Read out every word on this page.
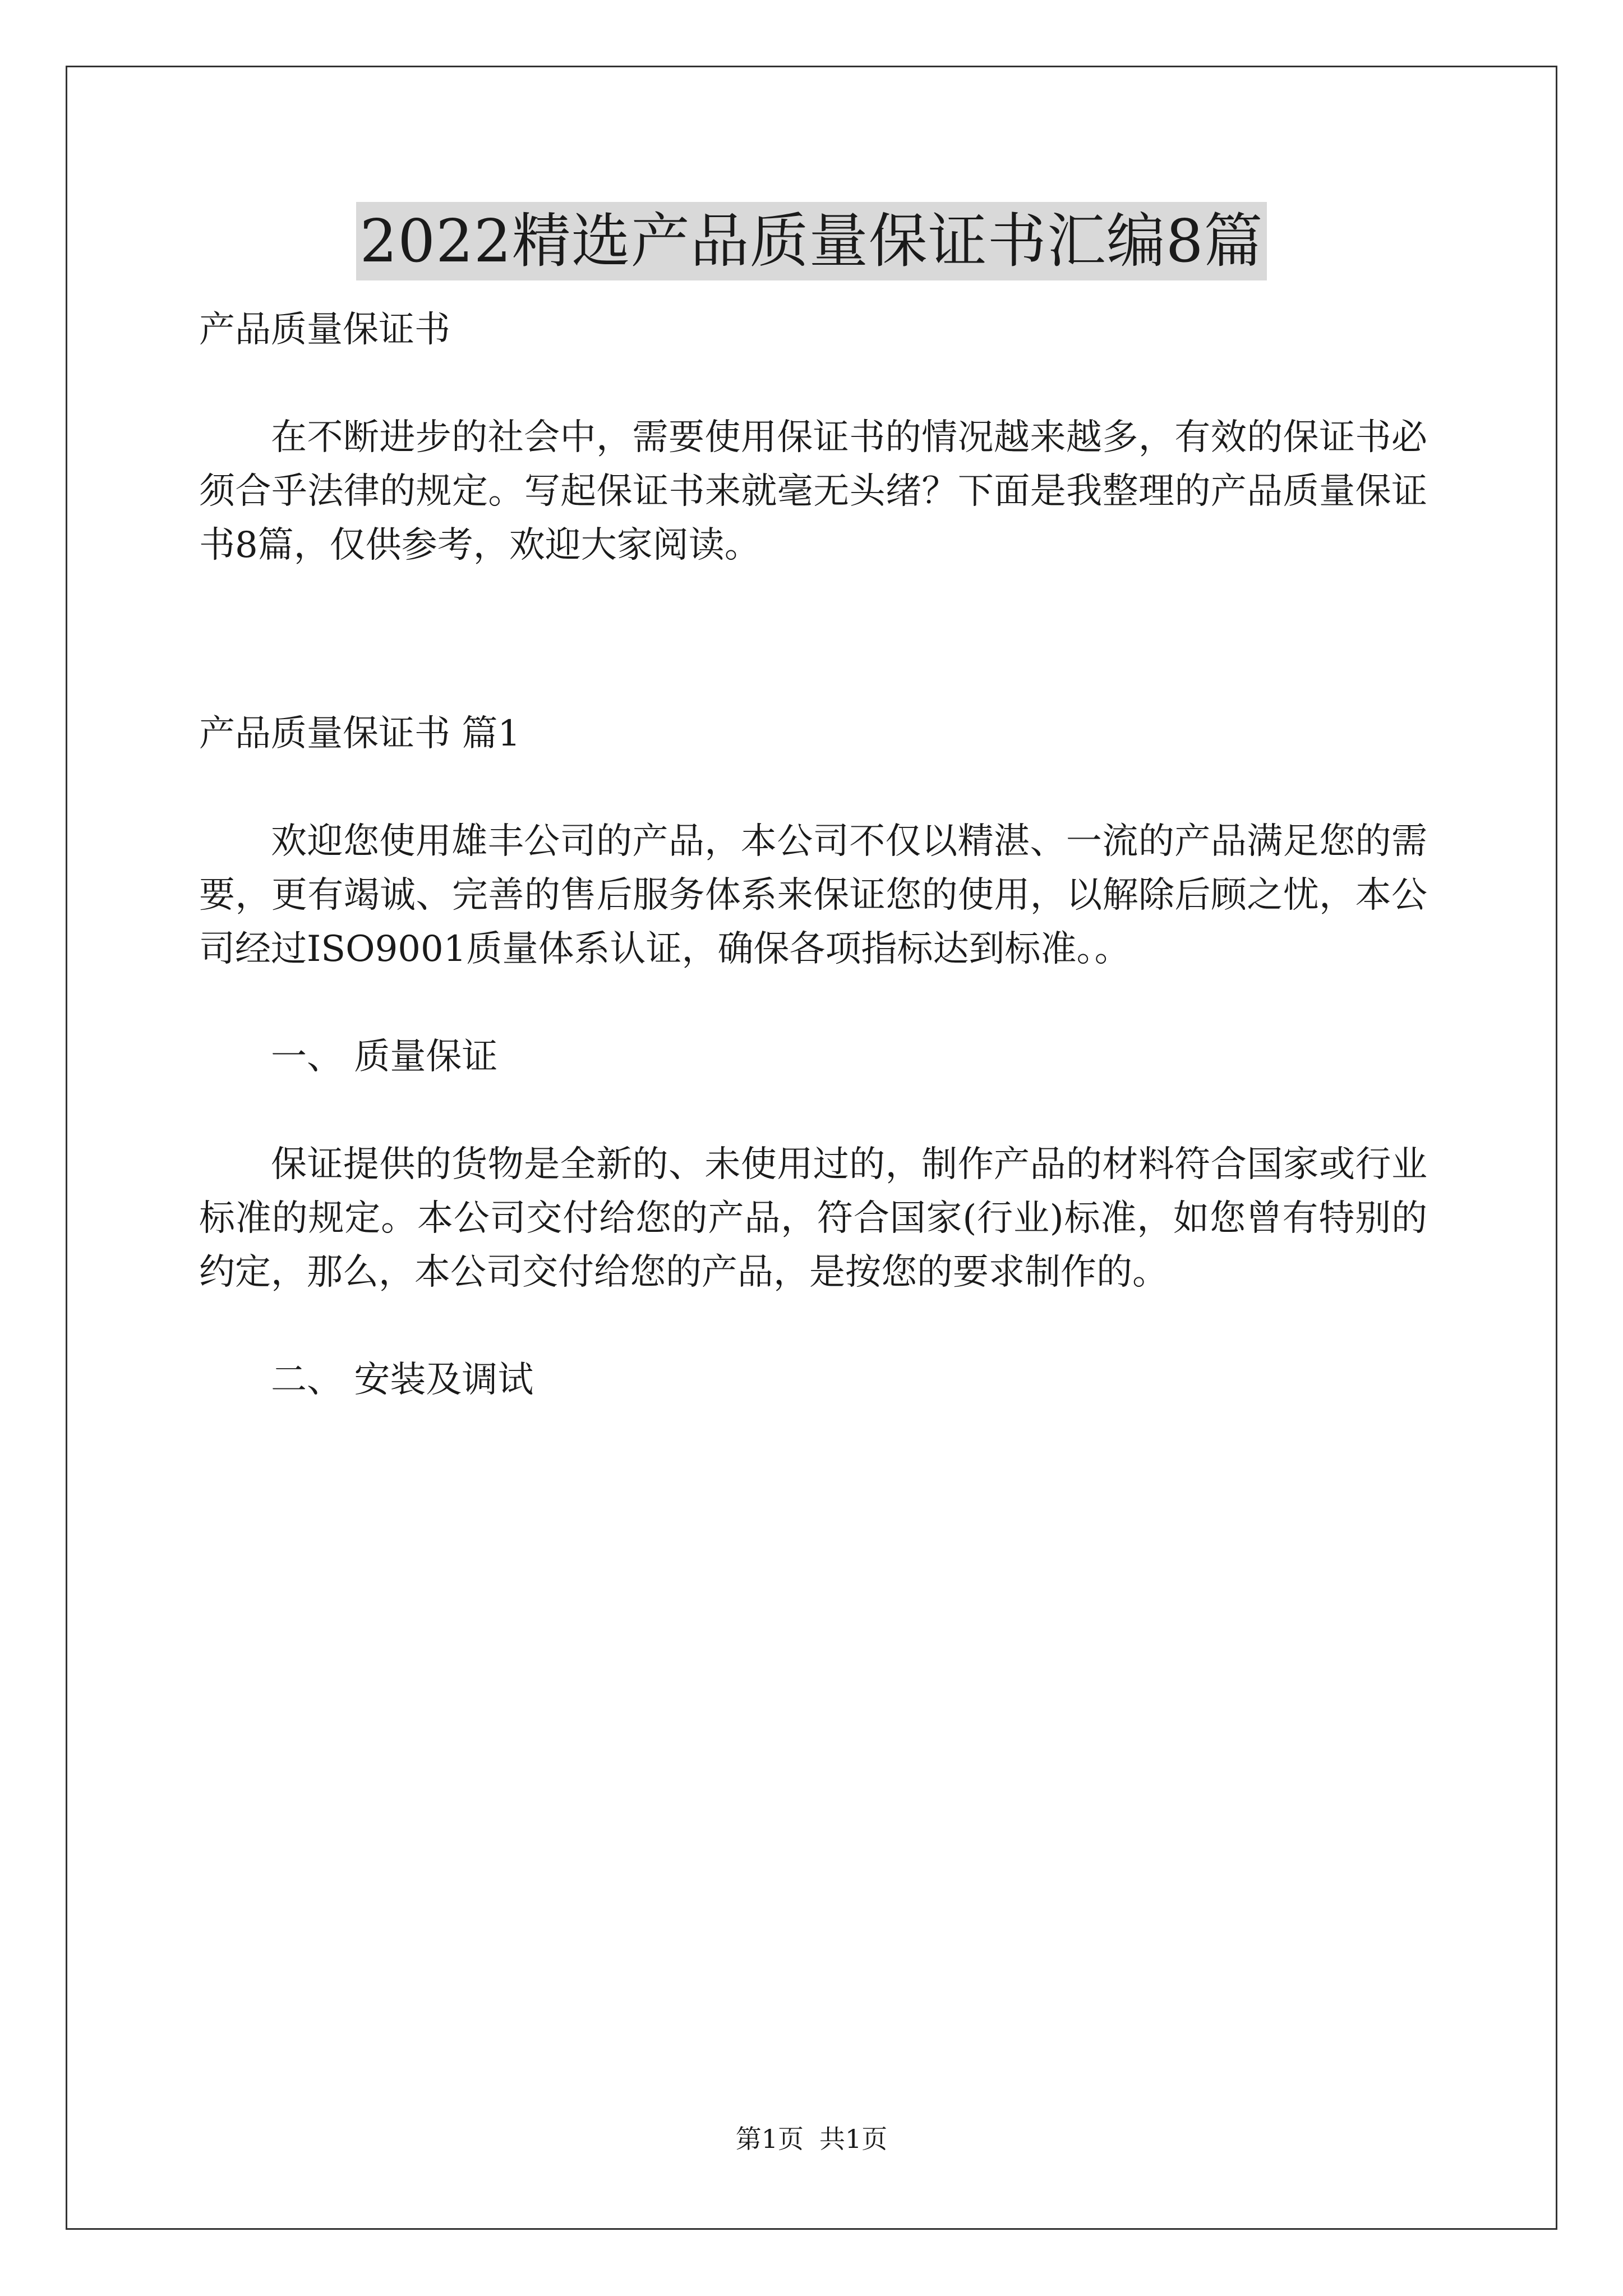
2022精选产品质量保证书汇编8篇

产品质量保证书

在不断进步的社会中，需要使用保证书的情况越来越多，有效的保证书必须合乎法律的规定。写起保证书来就毫无头绪？下面是我整理的产品质量保证书8篇，仅供参考，欢迎大家阅读。

产品质量保证书 篇1

欢迎您使用雄丰公司的产品，本公司不仅以精湛、一流的产品满足您的需要，更有竭诚、完善的售后服务体系来保证您的使用，以解除后顾之忧，本公司经过ISO9001质量体系认证，确保各项指标达到标准。。

一、 质量保证

保证提供的货物是全新的、未使用过的，制作产品的材料符合国家或行业标准的规定。本公司交付给您的产品，符合国家(行业)标准，如您曾有特别的约定，那么，本公司交付给您的产品，是按您的要求制作的。

二、 安装及调试

第1页 共1页
